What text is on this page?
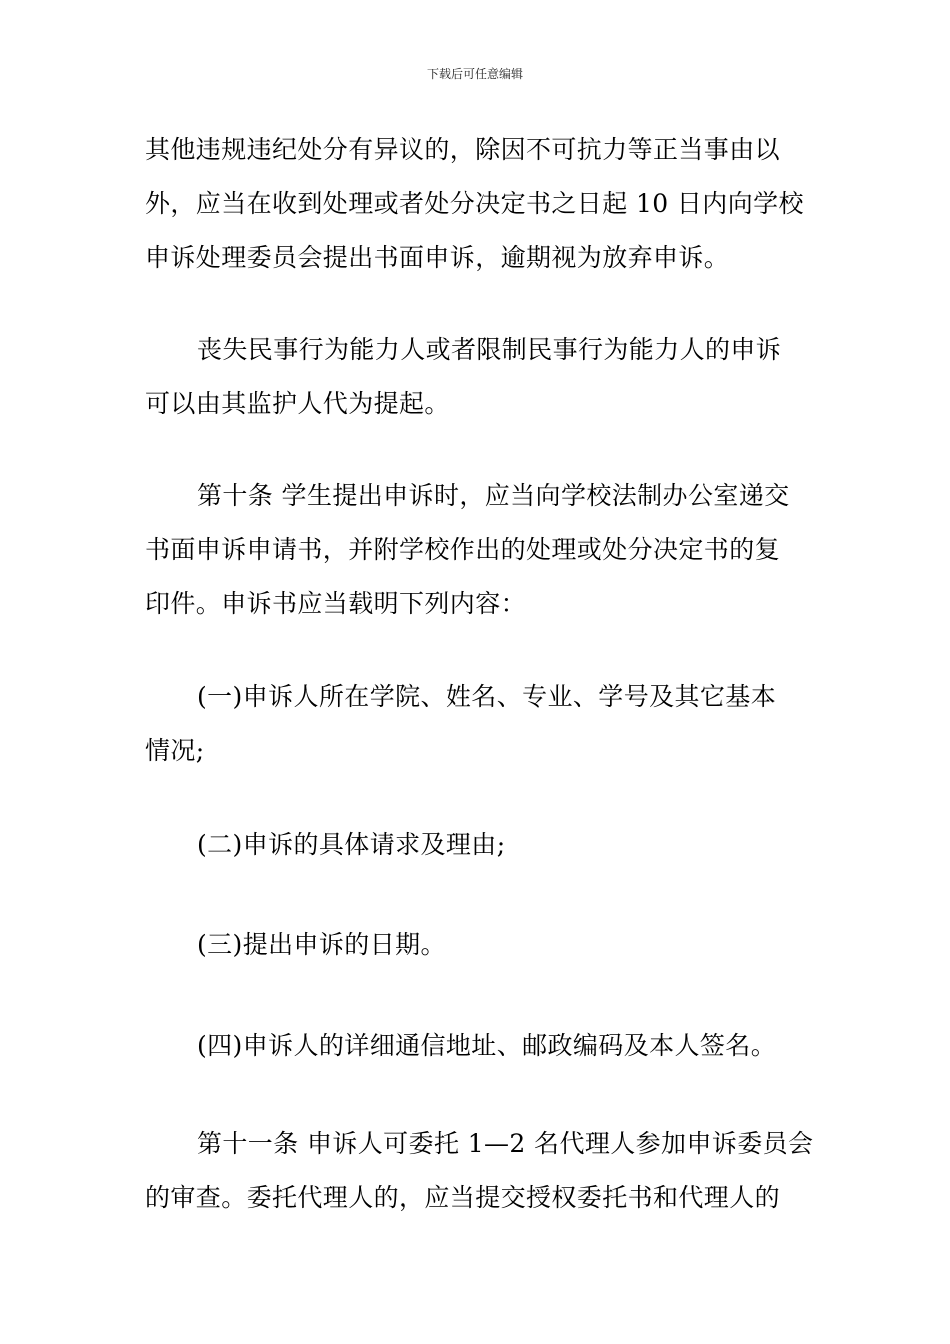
下载后可任意编辑
其他违规违纪处分有异议的，除因不可抗力等正当事由以
外，应当在收到处理或者处分决定书之日起 10 日内向学校
申诉处理委员会提出书面申诉，逾期视为放弃申诉。
丧失民事行为能力人或者限制民事行为能力人的申诉
可以由其监护人代为提起。
第十条 学生提出申诉时，应当向学校法制办公室递交
书面申诉申请书，并附学校作出的处理或处分决定书的复
印件。申诉书应当载明下列内容：
(一)申诉人所在学院、姓名、专业、学号及其它基本
情况;
(二)申诉的具体请求及理由;
(三)提出申诉的日期。
(四)申诉人的详细通信地址、邮政编码及本人签名。
第十一条 申诉人可委托 1—2 名代理人参加申诉委员会
的审查。委托代理人的，应当提交授权委托书和代理人的
